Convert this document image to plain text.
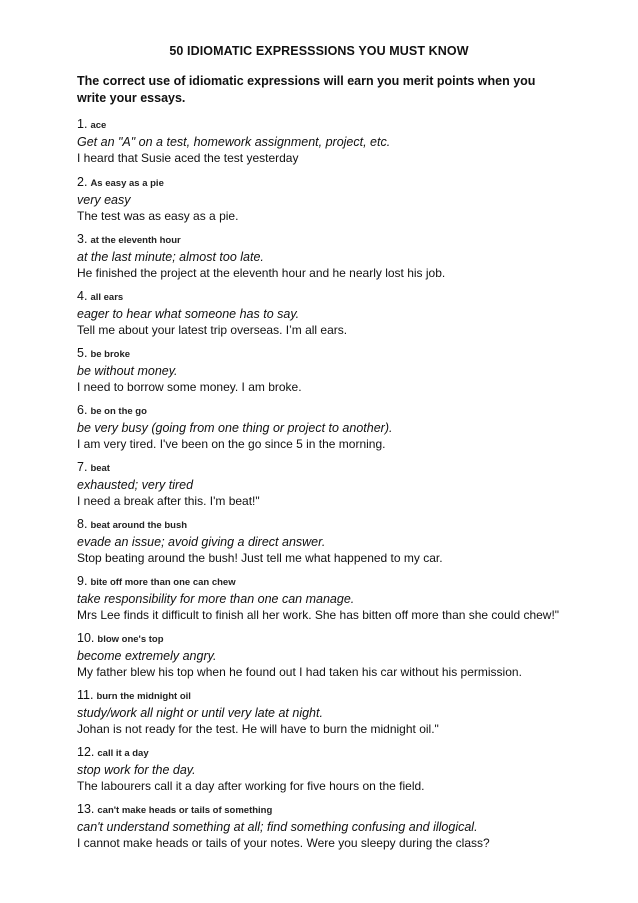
50 IDIOMATIC EXPRESSSIONS YOU MUST KNOW
The correct use of idiomatic expressions will earn you merit points when you write your essays.
1. ace
Get an "A" on a test, homework assignment, project, etc.
I heard that Susie aced the test yesterday
2. As easy as a pie
very easy
The test was as easy as a pie.
3. at the eleventh hour
at the last minute; almost too late.
He finished the project at the eleventh hour and he nearly lost his job.
4. all ears
eager to hear what someone has to say.
Tell me about your latest trip overseas. I’m all ears.
5. be broke
be without money.
I need to borrow some money. I am broke.
6. be on the go
be very busy (going from one thing or project to another).
I am very tired. I've been on the go since 5 in the morning.
7. beat
exhausted; very tired
I need a break after this. I'm beat!"
8. beat around the bush
evade an issue; avoid giving a direct answer.
Stop beating around the bush! Just tell me what happened to my car.
9. bite off more than one can chew
take responsibility for more than one can manage.
Mrs Lee finds it difficult to finish all her work. She has bitten off more than she could chew!"
10. blow one's top
become extremely angry.
My father blew his top when he found out I had taken his car without his permission.
11. burn the midnight oil
study/work all night or until very late at night.
Johan is not ready for the test. He will have to burn the midnight oil."
12. call it a day
stop work for the day.
The labourers call it a day after working for five hours on the field.
13. can't make heads or tails of something
can't understand something at all; find something confusing and illogical.
I cannot make heads or tails of your notes. Were you sleepy during the class?
